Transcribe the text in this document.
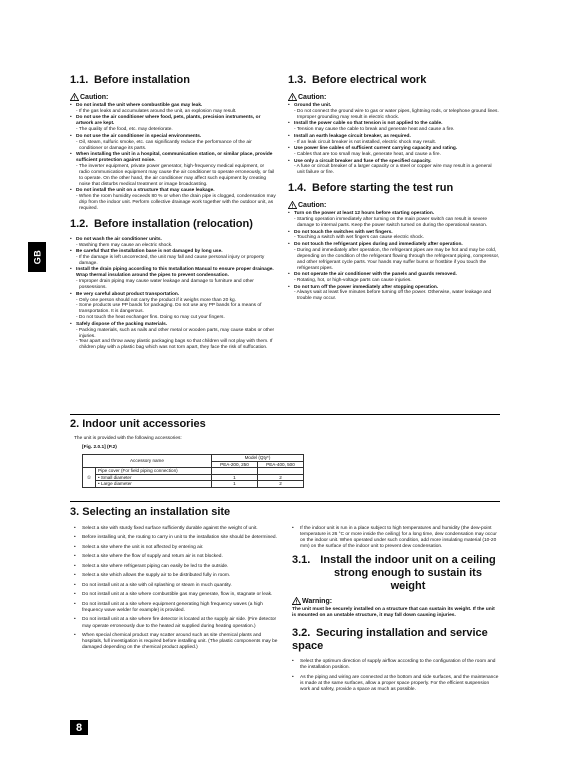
GB
1.1. Before installation
Caution:
• Do not install the unit where combustible gas may leak.
- If the gas leaks and accumulates around the unit, an explosion may result.
• Do not use the air conditioner where food, pets, plants, precision instruments, or artwork are kept.
- The quality of the food, etc. may deteriorate.
• Do not use the air conditioner in special environments.
- Oil, steam, sulfuric smoke, etc. can significantly reduce the performance of the air conditioner or damage its parts.
• When installing the unit in a hospital, communication station, or similar place, provide sufficient protection against noise.
- The inverter equipment, private power generator, high-frequency medical equipment, or radio communication equipment may cause the air conditioner to operate erroneously, or fail to operate. On the other hand, the air conditioner may affect such equipment by creating noise that disturbs medical treatment or image broadcasting.
• Do not install the unit on a structure that may cause leakage.
- When the room humidity exceeds 80 % or when the drain pipe is clogged, condensation may drip from the indoor unit. Perform collective drainage work together with the outdoor unit, as required.
1.2. Before installation (relocation)
• Do not wash the air conditioner units.
- Washing them may cause an electric shock.
• Be careful that the installation base is not damaged by long use.
- If the damage is left uncorrected, the unit may fall and cause personal injury or property damage.
• Install the drain piping according to this Installation Manual to ensure proper drainage. Wrap thermal insulation around the pipes to prevent condensation.
- Improper drain piping may cause water leakage and damage to furniture and other possessions.
• Be very careful about product transportation.
- Only one person should not carry the product if it weighs more than 20 kg.
- Some products use PP bands for packaging. Do not use any PP bands for a means of transportation. It is dangerous.
- Do not touch the heat exchanger fins. Doing so may cut your fingers.
• Safely dispose of the packing materials.
- Packing materials, such as nails and other metal or wooden parts, may cause stabs or other injuries.
- Tear apart and throw away plastic packaging bags so that children will not play with them. If children play with a plastic bag which was not torn apart, they face the risk of suffocation.
1.3. Before electrical work
Caution:
• Ground the unit.
- Do not connect the ground wire to gas or water pipes, lightning rods, or telephone ground lines. Improper grounding may result in electric shock.
• Install the power cable so that tension is not applied to the cable.
- Tension may cause the cable to break and generate heat and cause a fire.
• Install an earth leakage circuit breaker, as required.
- If an leak circuit breaker is not installed, electric shock may result.
• Use power line cables of sufficient current carrying capacity and rating.
- Cables that are too small may leak, generate heat, and cause a fire.
• Use only a circuit breaker and fuse of the specified capacity.
- A fuse or circuit breaker of a larger capacity or a steel or copper wire may result in a general unit failure or fire.
1.4. Before starting the test run
Caution:
• Turn on the power at least 12 hours before starting operation.
- Starting operation immediately after turning on the main power switch can result in severe damage to internal parts. Keep the power switch turned on during the operational season.
• Do not touch the switches with wet fingers.
- Touching a switch with wet fingers can cause electric shock.
• Do not touch the refrigerant pipes during and immediately after operation.
- During and immediately after operation, the refrigerant pipes are may be hot and may be cold, depending on the condition of the refrigerant flowing through the refrigerant piping, compressor, and other refrigerant cycle parts. Your hands may suffer burns or frostbite if you touch the refrigerant pipes.
• Do not operate the air conditioner with the panels and guards removed.
- Rotating, hot, or high-voltage parts can cause injuries.
• Do not turn off the power immediately after stopping operation.
- Always wait at least five minutes before turning off the power. Otherwise, water leakage and trouble may occur.
2. Indoor unit accessories
The unit is provided with the following accessories:
[Fig. 2.0.1] (P.2)
Accessory name		Model (Qty*)	
		PEA-200, 250	PEA-400, 500
①	Pipe cover (For field piping connection)		
	• Small diameter	1	2
	• Large diameter	1	2
3. Selecting an installation site
• Select a site with sturdy fixed surface sufficiently durable against the weight of unit.
• Before installing unit, the routing to carry in unit to the installation site should be determined.
• Select a site where the unit is not affected by entering air.
• Select a site where the flow of supply and return air is not blocked.
• Select a site where refrigerant piping can easily be led to the outside.
• Select a site which allows the supply air to be distributed fully in room.
• Do not install unit at a site with oil splashing or steam in much quantity.
• Do not install unit at a site where combustible gas may generate, flow in, stagnate or leak.
• Do not install unit at a site where equipment generating high frequency waves (a high frequency wave welder for example) is provided.
• Do not install unit at a site where fire detector is located at the supply air side. (Fire detector may operate erroneously due to the heated air supplied during heating operation.)
• When special chemical product may scatter around such as site chemical plants and hospitals, full investigation is required before installing unit. (The plastic components may be damaged depending on the chemical product applied.)
• If the indoor unit is run in a place subject to high temperatures and humidity (the dew-point temperature is 26 °C or more inside the ceiling) for a long time, dew condensation may occur on the indoor unit. When operated under such condition, add more insulating material (10-20 mm) on the surface of the indoor unit to prevent dew condensation.
3.1. Install the indoor unit on a ceiling strong enough to sustain its weight
Warning:

The unit must be securely installed on a structure that can sustain its weight. If the unit is mounted on an unstable structure, it may fall down causing injuries.

3.2. Securing installation and service space
• Select the optimum direction of supply airflow according to the configuration of the room and the installation position.
• As the piping and wiring are connected at the bottom and side surfaces, and the maintenance is made at the same surfaces, allow a proper space properly. For the efficient suspension work and safety, provide a space as much as possible.
8
